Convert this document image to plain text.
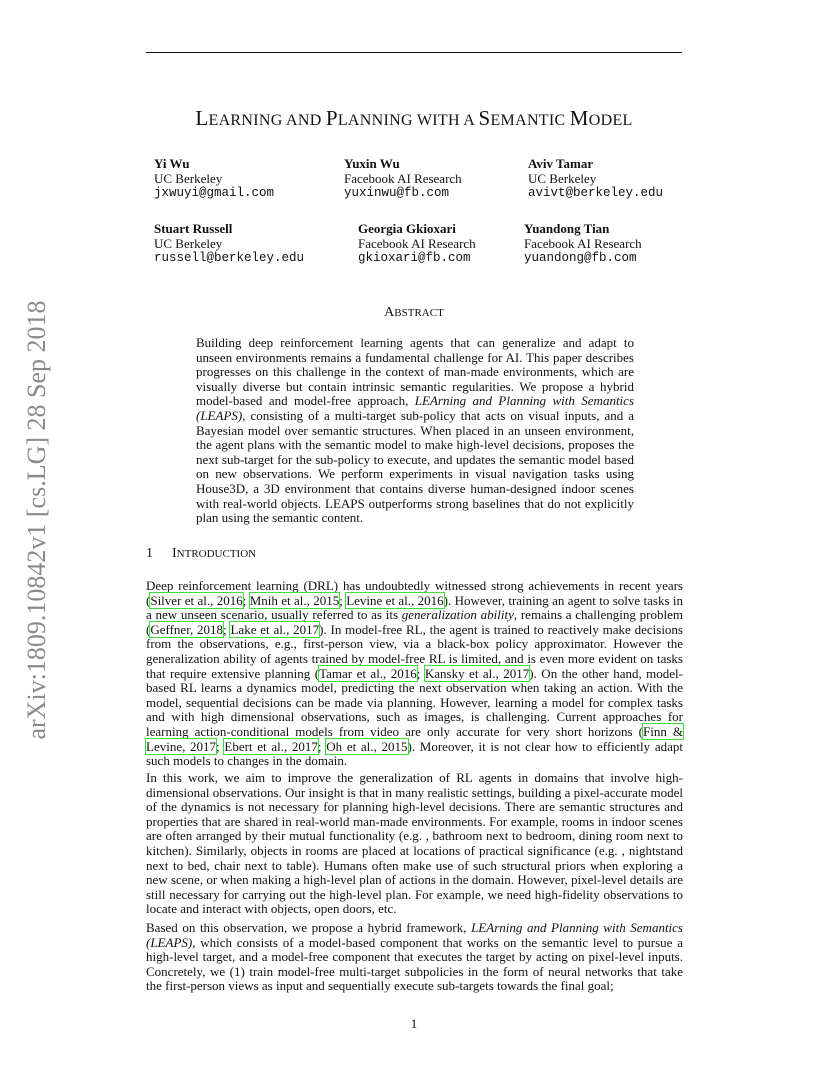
arXiv:1809.10842v1 [cs.LG] 28 Sep 2018
LEARNING AND PLANNING WITH A SEMANTIC MODEL
Yi Wu
UC Berkeley
jxwuyi@gmail.com
Yuxin Wu
Facebook AI Research
yuxinwu@fb.com
Aviv Tamar
UC Berkeley
avivt@berkeley.edu
Stuart Russell
UC Berkeley
russell@berkeley.edu
Georgia Gkioxari
Facebook AI Research
gkioxari@fb.com
Yuandong Tian
Facebook AI Research
yuandong@fb.com
ABSTRACT
Building deep reinforcement learning agents that can generalize and adapt to unseen environments remains a fundamental challenge for AI. This paper describes progresses on this challenge in the context of man-made environments, which are visually diverse but contain intrinsic semantic regularities. We propose a hybrid model-based and model-free approach, LEArning and Planning with Semantics (LEAPS), consisting of a multi-target sub-policy that acts on visual inputs, and a Bayesian model over semantic structures. When placed in an unseen environment, the agent plans with the semantic model to make high-level decisions, proposes the next sub-target for the sub-policy to execute, and updates the semantic model based on new observations. We perform experiments in visual navigation tasks using House3D, a 3D environment that contains diverse human-designed indoor scenes with real-world objects. LEAPS outperforms strong baselines that do not explicitly plan using the semantic content.
1 INTRODUCTION
Deep reinforcement learning (DRL) has undoubtedly witnessed strong achievements in recent years (Silver et al., 2016; Mnih et al., 2015; Levine et al., 2016). However, training an agent to solve tasks in a new unseen scenario, usually referred to as its generalization ability, remains a challenging problem (Geffner, 2018; Lake et al., 2017). In model-free RL, the agent is trained to reactively make decisions from the observations, e.g., first-person view, via a black-box policy approximator. However the generalization ability of agents trained by model-free RL is limited, and is even more evident on tasks that require extensive planning (Tamar et al., 2016; Kansky et al., 2017). On the other hand, model-based RL learns a dynamics model, predicting the next observation when taking an action. With the model, sequential decisions can be made via planning. However, learning a model for complex tasks and with high dimensional observations, such as images, is challenging. Current approaches for learning action-conditional models from video are only accurate for very short horizons (Finn & Levine, 2017; Ebert et al., 2017; Oh et al., 2015). Moreover, it is not clear how to efficiently adapt such models to changes in the domain.
In this work, we aim to improve the generalization of RL agents in domains that involve high-dimensional observations. Our insight is that in many realistic settings, building a pixel-accurate model of the dynamics is not necessary for planning high-level decisions. There are semantic structures and properties that are shared in real-world man-made environments. For example, rooms in indoor scenes are often arranged by their mutual functionality (e.g. , bathroom next to bedroom, dining room next to kitchen). Similarly, objects in rooms are placed at locations of practical significance (e.g. , nightstand next to bed, chair next to table). Humans often make use of such structural priors when exploring a new scene, or when making a high-level plan of actions in the domain. However, pixel-level details are still necessary for carrying out the high-level plan. For example, we need high-fidelity observations to locate and interact with objects, open doors, etc.
Based on this observation, we propose a hybrid framework, LEArning and Planning with Semantics (LEAPS), which consists of a model-based component that works on the semantic level to pursue a high-level target, and a model-free component that executes the target by acting on pixel-level inputs. Concretely, we (1) train model-free multi-target subpolicies in the form of neural networks that take the first-person views as input and sequentially execute sub-targets towards the final goal;
1
